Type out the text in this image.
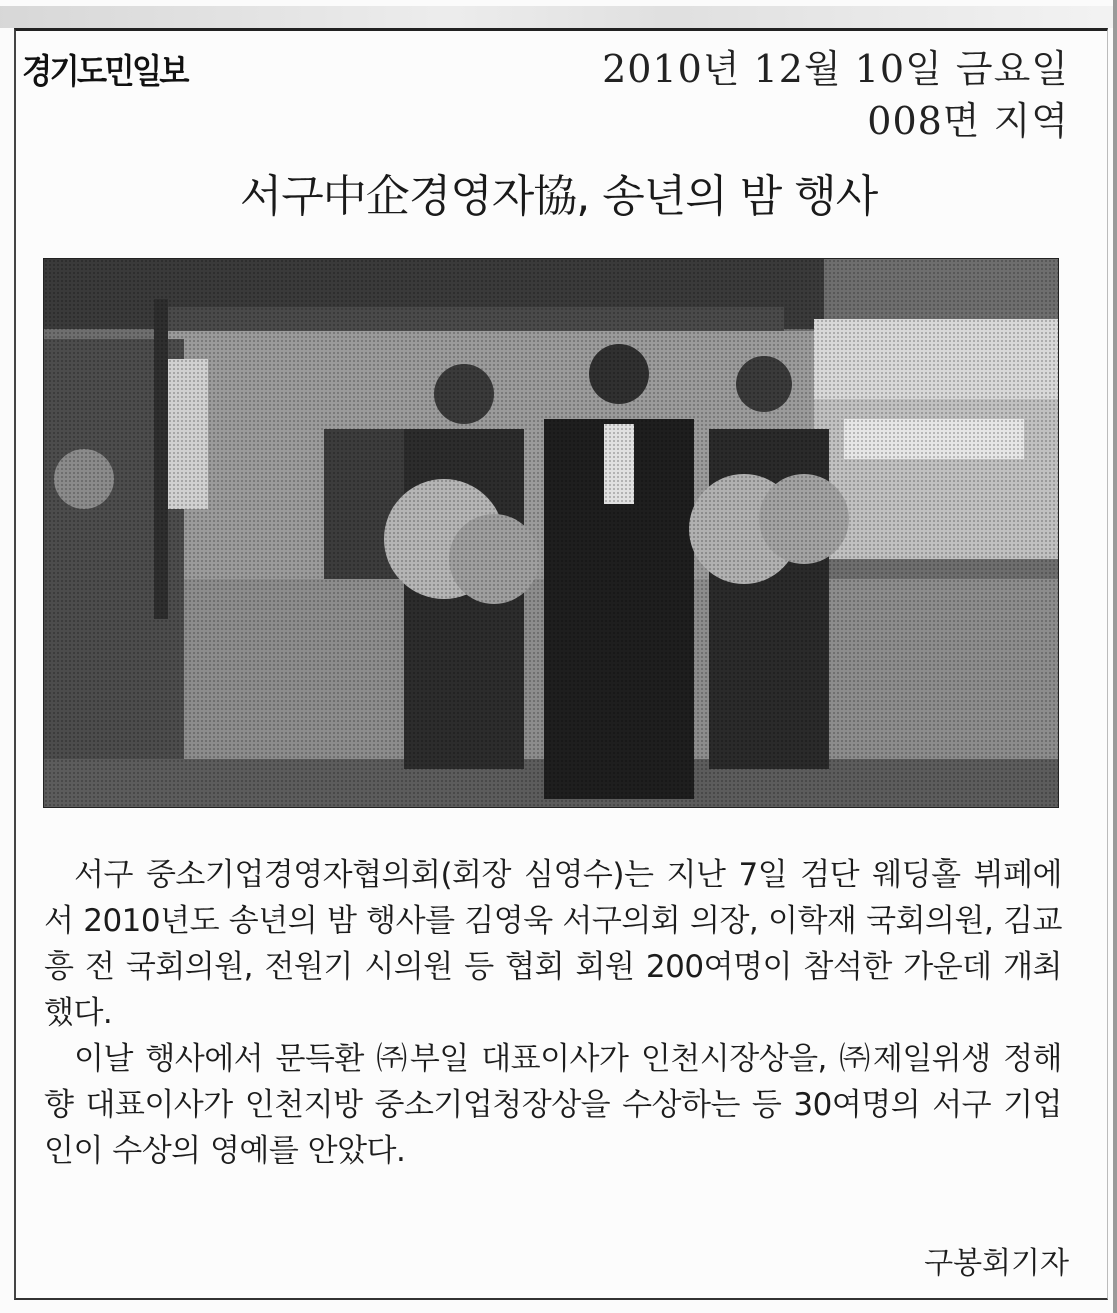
경기도민일보	2010년 12월 10일 금요일
008면 지역
서구中企경영자協, 송년의 밤 행사

서구 중소기업경영자협의회(회장 심영수)는 지난 7일 검단 웨딩홀 뷔페에서 2010년도 송년의 밤 행사를 김영욱 서구의회 의장, 이학재 국회의원, 김교흥 전 국회의원, 전원기 시의원 등 협회 회원 200여명이 참석한 가운데 개최했다.

이날 행사에서 문득환 ㈜부일 대표이사가 인천시장상을, ㈜제일위생 정해향 대표이사가 인천지방 중소기업청장상을 수상하는 등 30여명의 서구 기업인이 수상의 영예를 안았다.

구봉회기자
